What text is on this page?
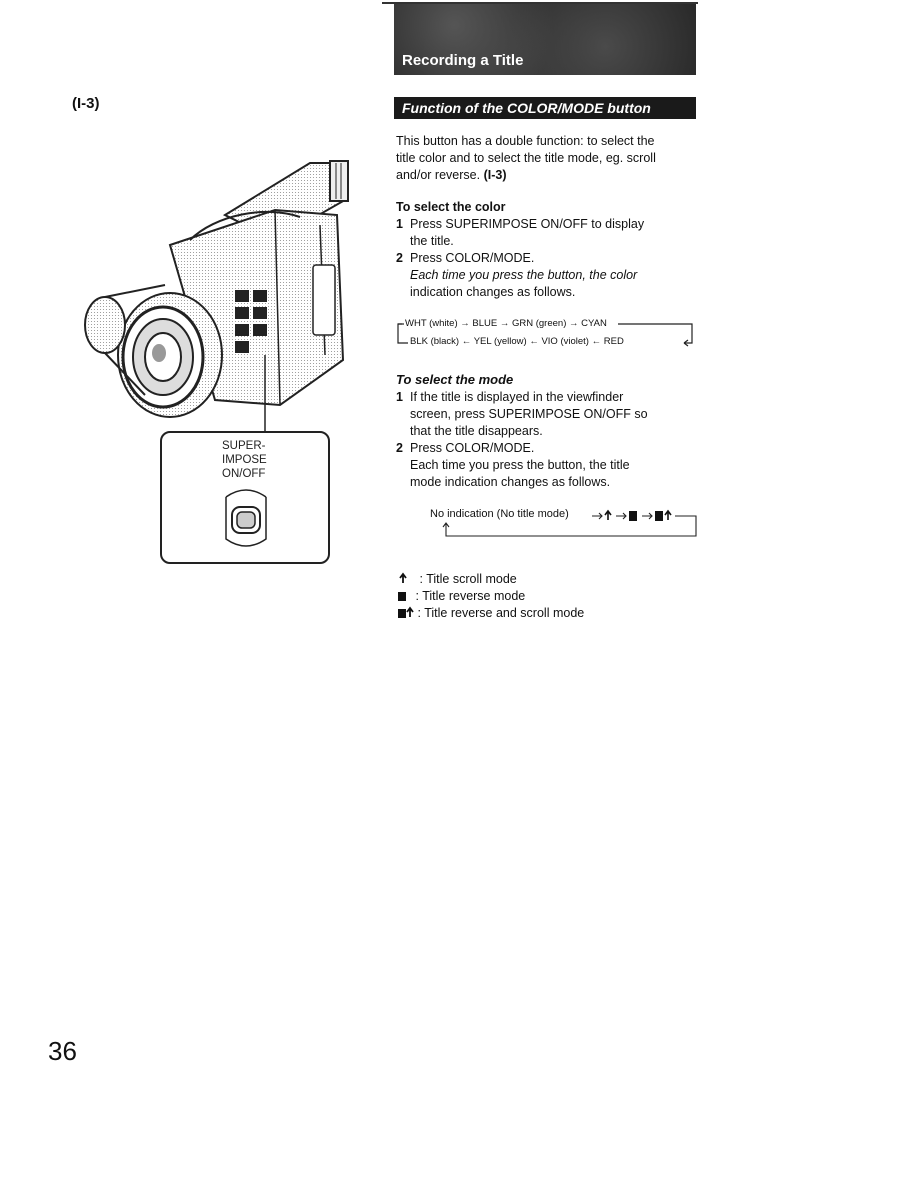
Recording a Title
(I-3)
SUPER-
IMPOSE
ON/OFF
Function of the COLOR/MODE button
This button has a double function: to select the
title color and to select the title mode, eg. scroll
and/or reverse. (I-3)
To select the color
1 Press SUPERIMPOSE ON/OFF to display
the title.
2 Press COLOR/MODE.
Each time you press the button, the color
indication changes as follows.
WHT (white) → BLUE → GRN (green) → CYAN
BLK (black) ← YEL (yellow) ← VIO (violet) ← RED
To select the mode
1 If the title is displayed in the viewfinder
screen, press SUPERIMPOSE ON/OFF so
that the title disappears.
2 Press COLOR/MODE.
Each time you press the button, the title
mode indication changes as follows.
No indication (No title mode)
: Title scroll mode
: Title reverse mode
: Title reverse and scroll mode
36
